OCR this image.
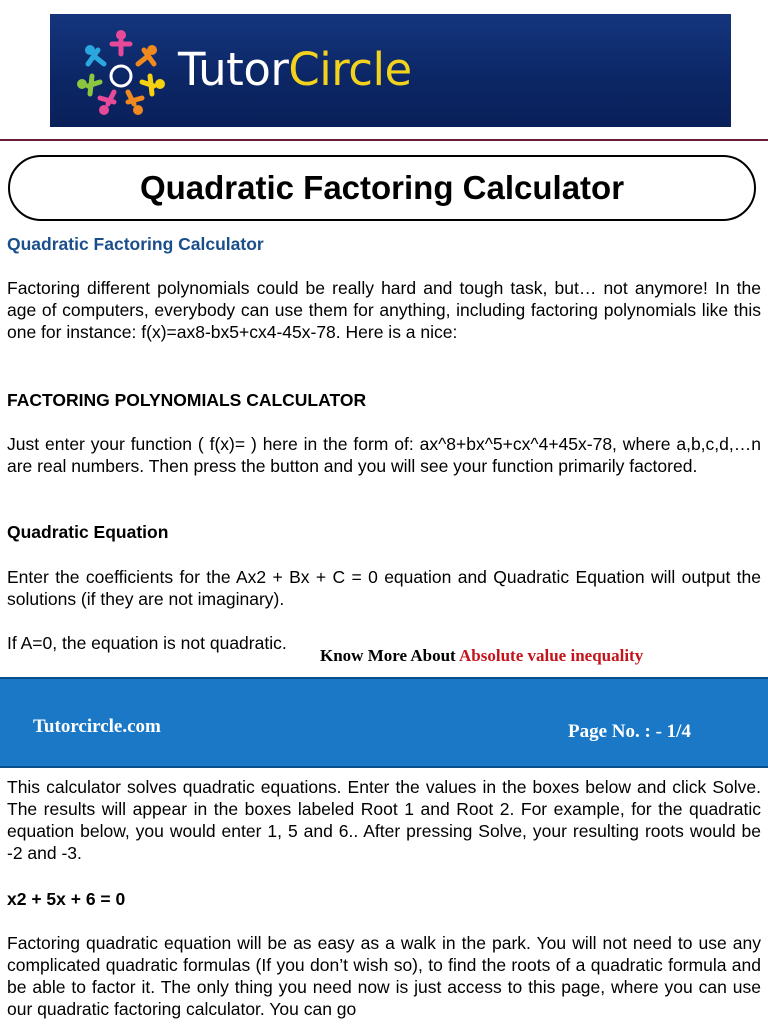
TutorCircle
Quadratic Factoring Calculator

Quadratic Factoring Calculator

Factoring different polynomials could be really hard and tough task, but… not anymore! In the age of computers, everybody can use them for anything, including factoring polynomials like this one for instance: f(x)=ax8-bx5+cx4-45x-78. Here is a nice:

FACTORING POLYNOMIALS CALCULATOR

Just enter your function ( f(x)= ) here in the form of: ax^8+bx^5+cx^4+45x-78, where a,b,c,d,…n are real numbers. Then press the button and you will see your function primarily factored.

Quadratic Equation

Enter the coefficients for the Ax2 + Bx + C = 0 equation and Quadratic Equation will output the solutions (if they are not imaginary).

If A=0, the equation is not quadratic.

Know More About Absolute value inequality
Tutorcircle.com	Page No. : - 1/4

This calculator solves quadratic equations. Enter the values in the boxes below and click Solve. The results will appear in the boxes labeled Root 1 and Root 2. For example, for the quadratic equation below, you would enter 1, 5 and 6.. After pressing Solve, your resulting roots would be -2 and -3.

x2 + 5x + 6 = 0

Factoring quadratic equation will be as easy as a walk in the park. You will not need to use any complicated quadratic formulas (If you don’t wish so), to find the roots of a quadratic formula and be able to factor it. The only thing you need now is just access to this page, where you can use our quadratic factoring calculator. You can go
